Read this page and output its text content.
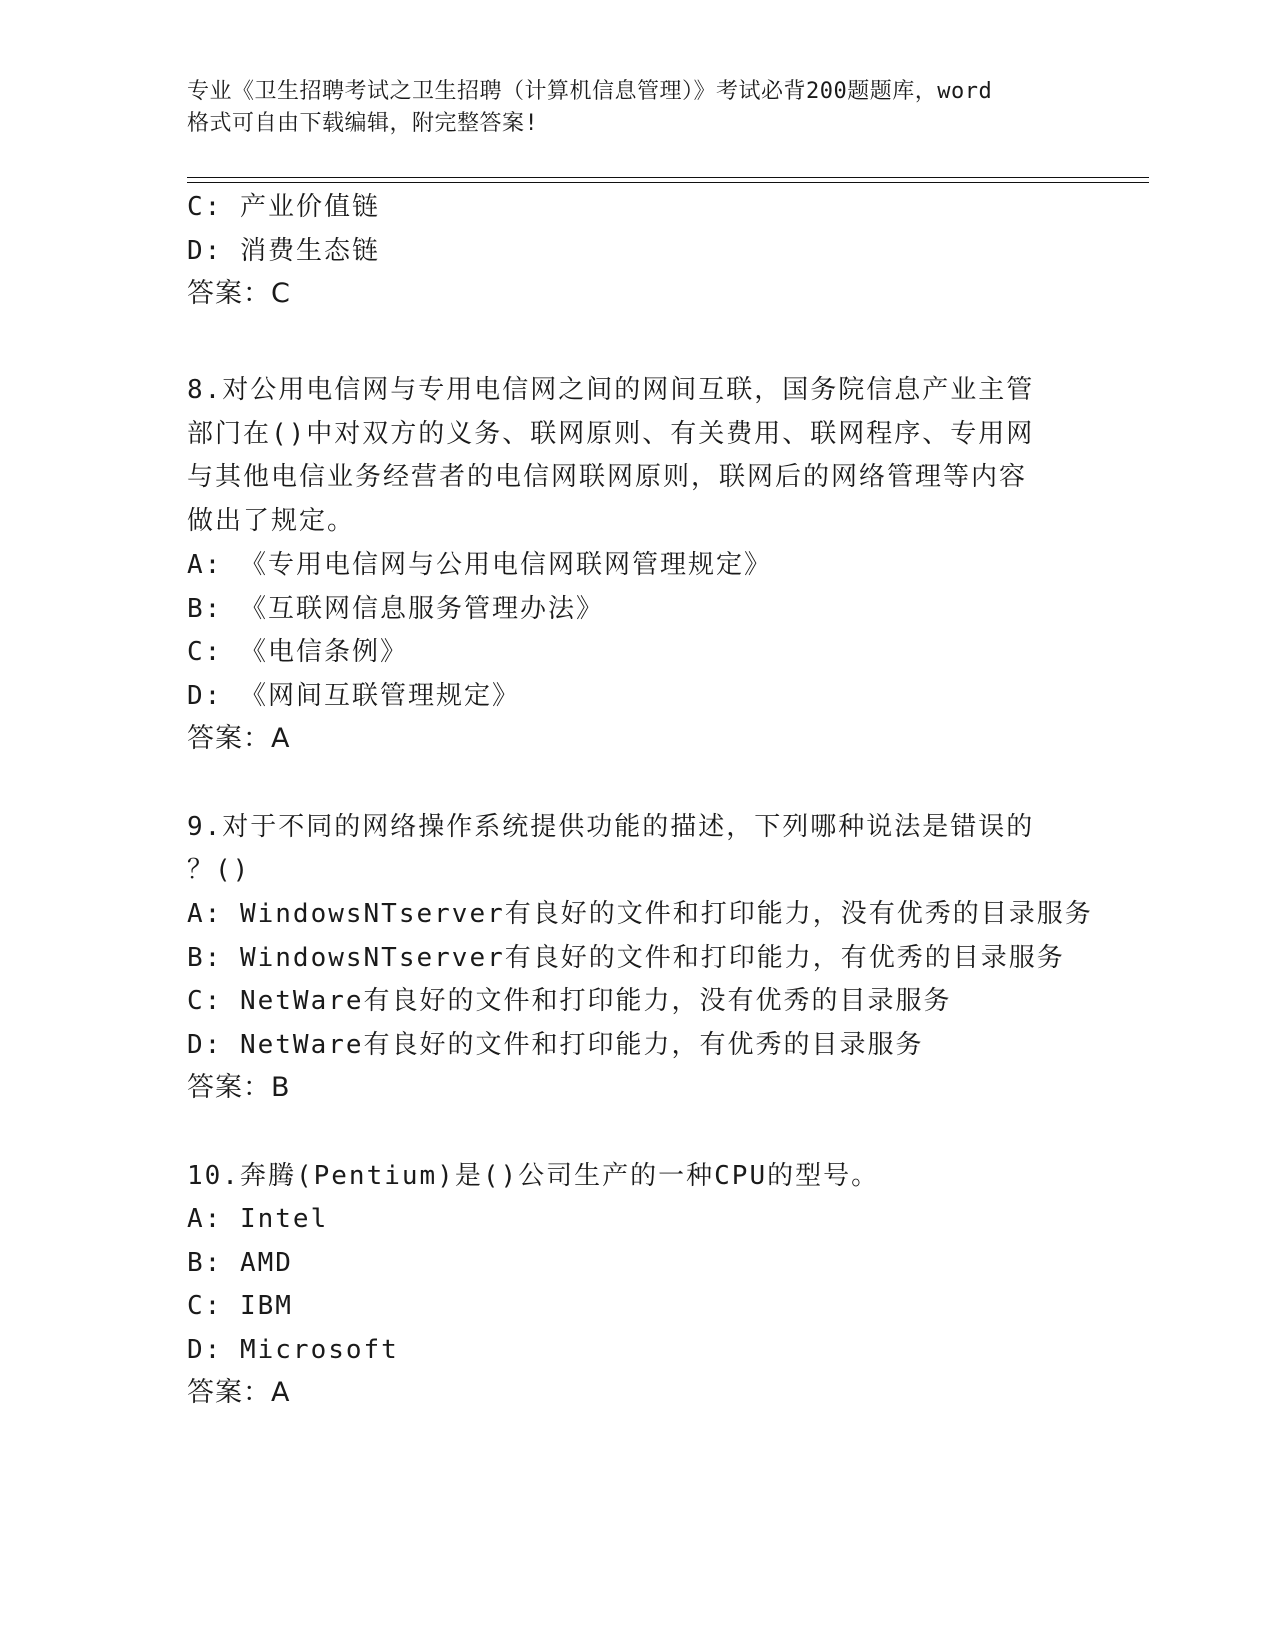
专业《卫生招聘考试之卫生招聘（计算机信息管理）》考试必背200题题库，word
格式可自由下载编辑，附完整答案!
C: 产业价值链
D: 消费生态链
答案：C
8.对公用电信网与专用电信网之间的网间互联，国务院信息产业主管
部门在()中对双方的义务、联网原则、有关费用、联网程序、专用网
与其他电信业务经营者的电信网联网原则，联网后的网络管理等内容
做出了规定。
A: 《专用电信网与公用电信网联网管理规定》
B: 《互联网信息服务管理办法》
C: 《电信条例》
D: 《网间互联管理规定》
答案：A
9.对于不同的网络操作系统提供功能的描述，下列哪种说法是错误的
？()
A: WindowsNTserver有良好的文件和打印能力，没有优秀的目录服务
B: WindowsNTserver有良好的文件和打印能力，有优秀的目录服务
C: NetWare有良好的文件和打印能力，没有优秀的目录服务
D: NetWare有良好的文件和打印能力，有优秀的目录服务
答案：B
10.奔腾(Pentium)是()公司生产的一种CPU的型号。
A: Intel
B: AMD
C: IBM
D: Microsoft
答案：A
